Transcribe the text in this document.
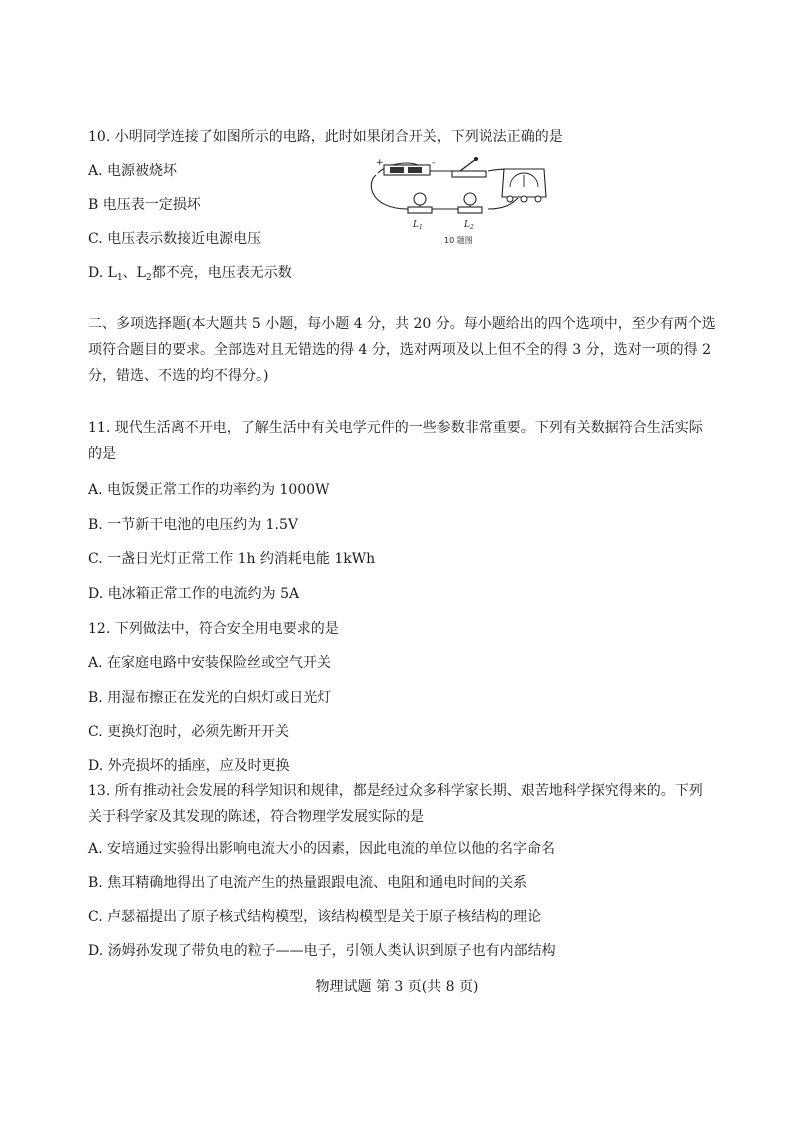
10. 小明同学连接了如图所示的电路，此时如果闭合开关，下列说法正确的是
A. 电源被烧坏
B 电压表一定损坏
C. 电压表示数接近电源电压
D. $L_1$、$L_2$都不亮，电压表无示数
+	-
$L_1$	$L_2$
10 题图
二、多项选择题(本大题共 5 小题，每小题 4 分，共 20 分。每小题给出的四个选项中，至少有两个选项符合题目的要求。全部选对且无错选的得 4 分，选对两项及以上但不全的得 3 分，选对一项的得 2 分，错选、不选的均不得分。)
11. 现代生活离不开电，了解生活中有关电学元件的一些参数非常重要。下列有关数据符合生活实际的是
A. 电饭煲正常工作的功率约为 1000W
B. 一节新干电池的电压约为 1.5V
C. 一盏日光灯正常工作 1h 约消耗电能 1kWh
D. 电冰箱正常工作的电流约为 5A
12. 下列做法中，符合安全用电要求的是
A. 在家庭电路中安装保险丝或空气开关
B. 用湿布擦正在发光的白炽灯或日光灯
C. 更换灯泡时，必须先断开开关
D. 外壳损坏的插座，应及时更换
13. 所有推动社会发展的科学知识和规律，都是经过众多科学家长期、艰苦地科学探究得来的。下列关于科学家及其发现的陈述，符合物理学发展实际的是
A. 安培通过实验得出影响电流大小的因素，因此电流的单位以他的名字命名
B. 焦耳精确地得出了电流产生的热量跟跟电流、电阻和通电时间的关系
C. 卢瑟福提出了原子核式结构模型，该结构模型是关于原子核结构的理论
D. 汤姆孙发现了带负电的粒子——电子，引领人类认识到原子也有内部结构
物理试题 第 3 页(共 8 页)
